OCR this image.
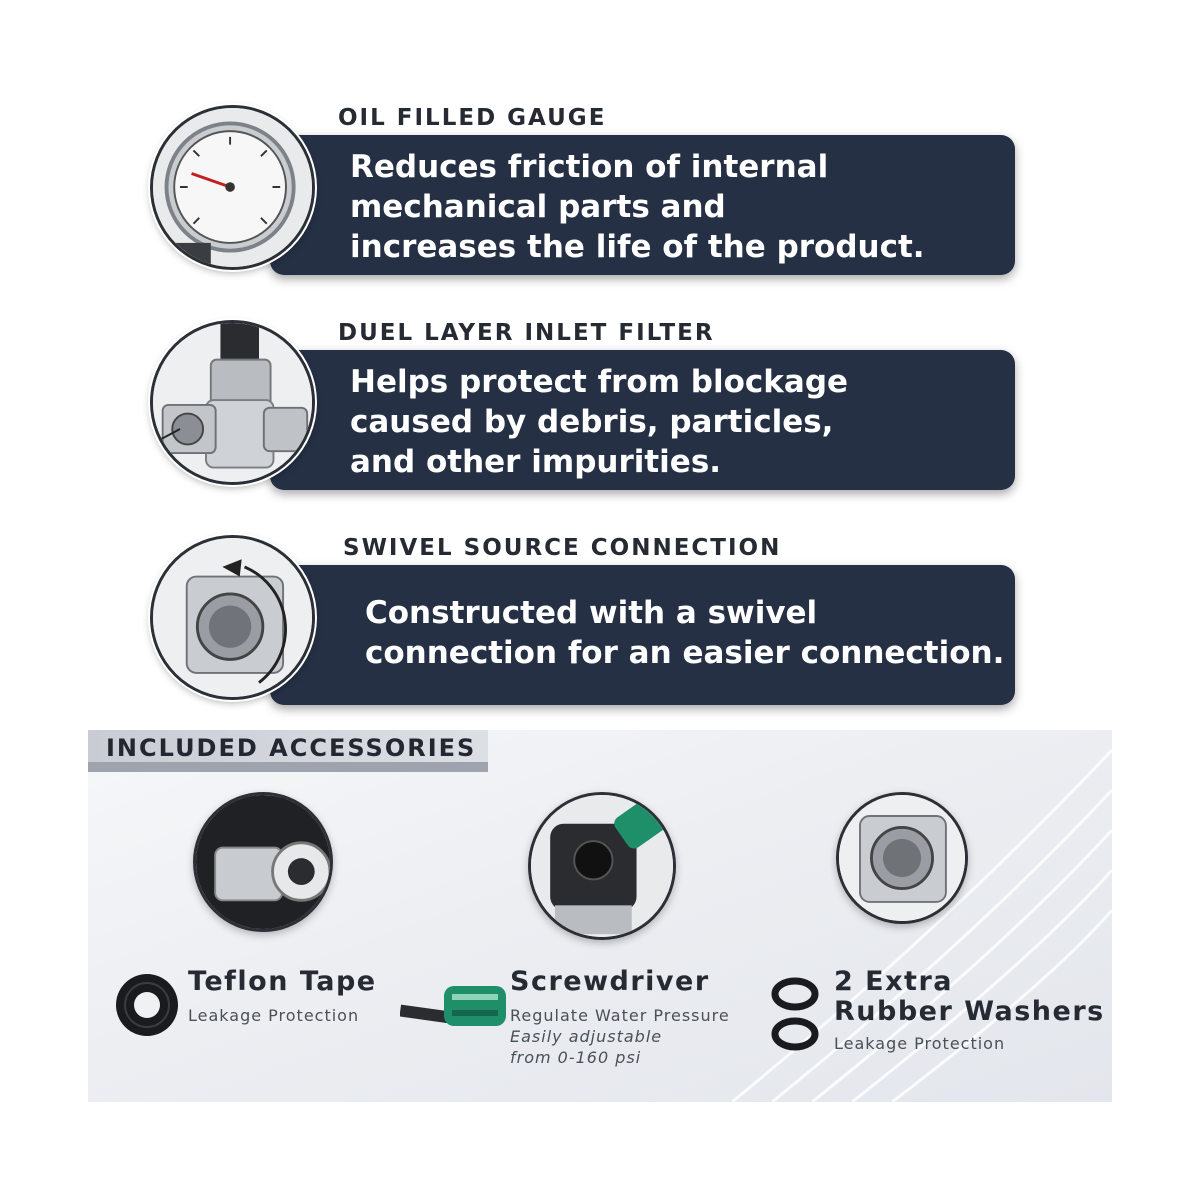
OIL FILLED GAUGE
Reduces friction of internal
mechanical parts and
increases the life of the product.
DUEL LAYER INLET FILTER
Helps protect from blockage
caused by debris, particles,
and other impurities.
SWIVEL SOURCE CONNECTION
Constructed with a swivel
connection for an easier connection.
INCLUDED ACCESSORIES
Teflon Tape
Leakage Protection
Screwdriver
Regulate Water Pressure
Easily adjustable
from 0-160 psi
2 Extra
Rubber Washers
Leakage Protection
